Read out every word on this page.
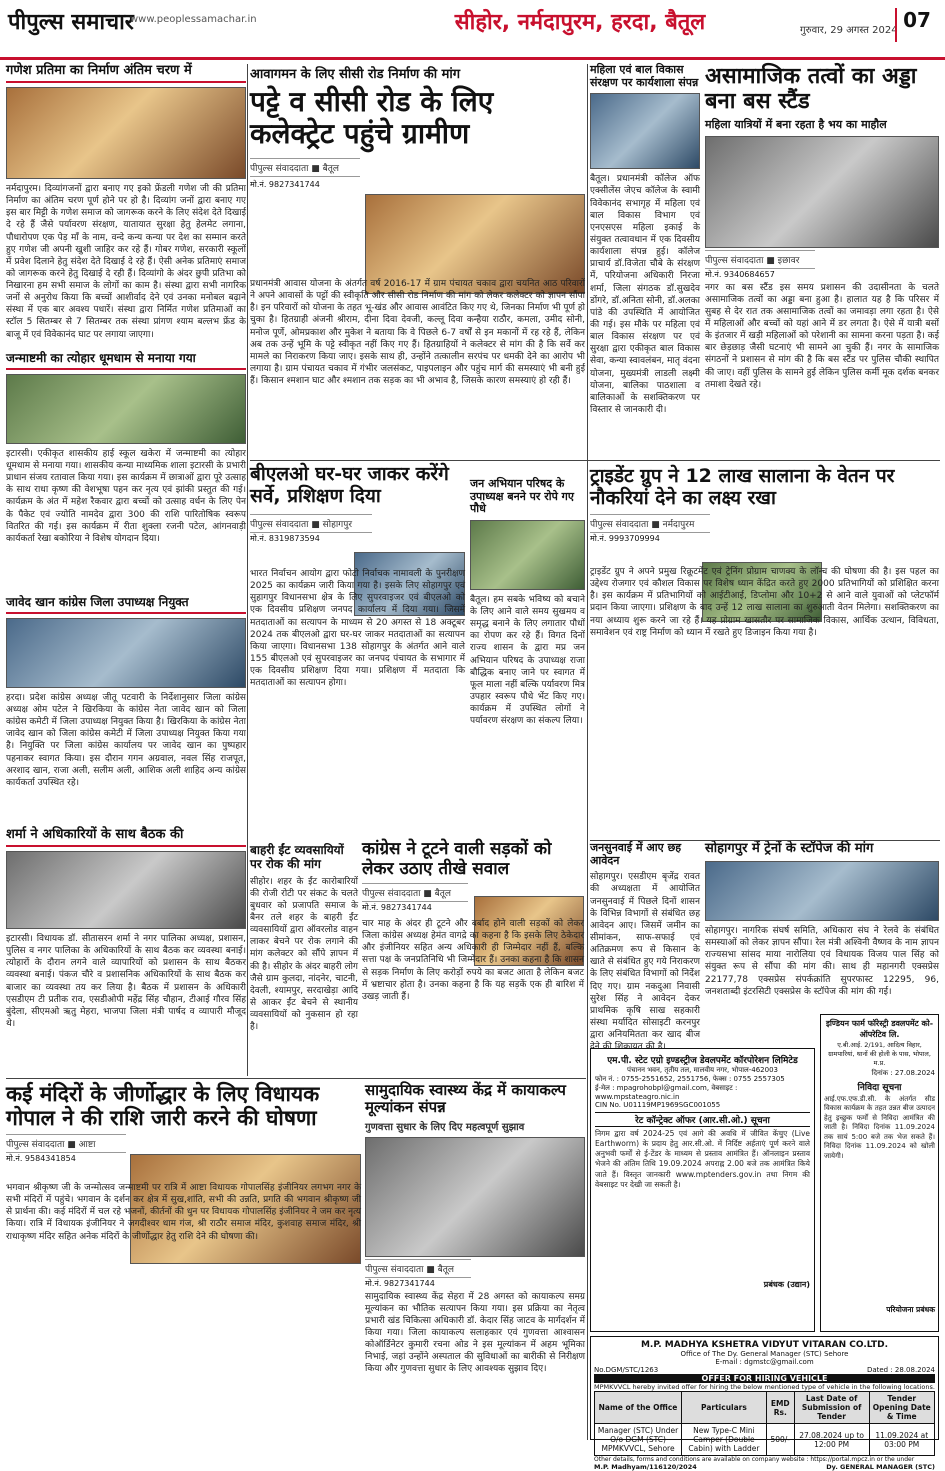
पीपुल्स समाचार
www.peoplessamachar.in	सीहोर, नर्मदापुरम, हरदा, बैतूल	गुरुवार, 29 अगस्त 2024 07
गणेश प्रतिमा का निर्माण अंतिम चरण में
नर्मदापुरम। दिव्यांगजनों द्वारा बनाए गए इको फ्रेंडली गणेश जी की प्रतिमा निर्माण का अंतिम चरण पूर्ण होने पर हो है। दिव्यांग जनों द्वारा बनाए गए इस बार मिट्टी के गणेश समाज को जागरूक करने के लिए संदेश देते दिखाई दे रहे हैं जैसे पर्यावरण संरक्षण, यातायात सुरक्षा हेतु हेलमेट लगाना, पौधारोपण एक पेड़ माँ के नाम, वन्दे कन्य कन्या पर देश का सम्मान करते हुए गणेश जी अपनी खुशी जाहिर कर रहे हैं। गोबर गणेश, सरकारी स्कूलों में प्रवेश दिलाने हेतु संदेश देते दिखाई दे रहे हैं। ऐसी अनेक प्रतिमाएं समाज को जागरूक करने हेतु दिखाई दे रही हैं। दिव्यांगो के अंदर छुपी प्रतिभा को निखारना हम सभी समाज के लोगों का काम है। संस्था द्वारा सभी नागरिक जनों से अनुरोध किया कि बच्चों आशीर्वाद देने एवं उनका मनोबल बढ़ाने संस्था में एक बार अवश्य पधारें। संस्था द्वारा निर्मित गणेश प्रतिमाओं का स्टॉल 5 सितम्बर से 7 सितम्बर तक संस्था प्रांगण श्याम बल्लभ फ्रेंड के बाजू में एवं विवेकानंद घाट पर लगाया जाएगा।
जन्माष्टमी का त्योहार धूमधाम से मनाया गया
इटारसी। एकीकृत शासकीय हाई स्कूल खकेरा में जन्माष्टमी का त्योहार धूमधाम से मनाया गया। शासकीय कन्या माध्यमिक शाला इटारसी के प्रभारी प्राधान संजय रतावाल किया गया। इस कार्यक्रम में छात्राओं द्वारा पूरे उत्साह के साथ राधा कृष्ण की वेशभूषा पहन कर नृत्य एवं झांकी प्रस्तुत की गई। कार्यक्रम के अंत में महेश रैकवार द्वारा बच्चों को उत्साह वर्धन के लिए पेन के पैकेट एवं ज्योति नामदेव द्वारा 300 की राशि पारितोषिक स्वरूप वितरित की गई। इस कार्यक्रम में रीता शुक्ला रजनी पटेल, आंगनवाड़ी कार्यकर्ता रेखा बकोरिया ने विशेष योगदान दिया।
जावेद खान कांग्रेस जिला उपाध्यक्ष नियुक्त
हरदा। प्रदेश कांग्रेस अध्यक्ष जीतू पटवारी के निर्देशानुसार जिला कांग्रेस अध्यक्ष ओम पटेल ने खिरकिया के कांग्रेस नेता जावेद खान को जिला कांग्रेस कमेटी में जिला उपाध्यक्ष नियुक्त किया है। खिरकिया के कांग्रेस नेता जावेद खान को जिला कांग्रेस कमेटी में जिला उपाध्यक्ष नियुक्त किया गया है। नियुक्ति पर जिला कांग्रेस कार्यालय पर जावेद खान का पुष्पहार पहनाकर स्वागत किया। इस दौरान गगन अग्रवाल, नवल सिंह राजपूत, अरशाद खान, राजा अली, सलीम अली, आशिक अली शाहिद अन्य कांग्रेस कार्यकर्ता उपस्थित रहे।
शर्मा ने अधिकारियों के साथ बैठक की
इटारसी। विधायक डॉ. सीतासरन शर्मा ने नगर पालिका अध्यक्ष, प्रशासन, पुलिस व नगर पालिका के अधिकारियों के साथ बैठक कर व्यवस्था बनाई। त्योहारों के दौरान लगने वाले व्यापारियों को प्रशासन के साथ बैठकर व्यवस्था बनाई। पंकज चौरे व प्रशासनिक अधिकारियों के साथ बैठक कर बाजार का व्यवस्था तय कर लिया है। बैठक में प्रशासन के अधिकारी एसडीएम टी प्रतीक राव, एसडीओपी महेंद्र सिंह चौहान, टीआई गौरव सिंह बुंदेला, सीएमओ ऋतु मेहरा, भाजपा जिला मंत्री पार्षद व व्यापारी मौजूद थे।
आवागमन के लिए सीसी रोड निर्माण की मांग
पट्टे व सीसी रोड के लिए कलेक्ट्रेट पहुंचे ग्रामीण
पीपुल्स संवाददाता ■ बैतूल
मो.नं. 9827341744
प्रधानमंत्री आवास योजना के अंतर्गत वर्ष 2016-17 में ग्राम पंचायत चकाव द्वारा चयनित आठ परिवारों ने अपने आवासों के पट्टों की स्वीकृति और सीसी रोड निर्माण की मांग को लेकर कलेक्टर को ज्ञापन सौंपा है। इन परिवारों को योजना के तहत भू-खंड और आवास आवंटित किए गए थे, जिनका निर्माण भी पूर्ण हो चुका है। हितग्राही अंजनी श्रीराम, दीना दिवा देवजी, कल्लू दिवा कन्हैया राठौर, कमला, उमीद सोनी, मनोज पूर्णे, ओमप्रकाश और मुकेश ने बताया कि वे पिछले 6-7 वर्षों से इन मकानों में रह रहे हैं, लेकिन अब तक उन्हें भूमि के पट्टे स्वीकृत नहीं किए गए हैं। हितग्राहियों ने कलेक्टर से मांग की है कि सर्वे कर मामले का निराकरण किया जाए। इसके साथ ही, उन्होंने तत्कालीन सरपंच पर धमकी देने का आरोप भी लगाया है। ग्राम पंचायत चकाव में गंभीर जलसंकट, पाइपलाइन और पहुंच मार्ग की समस्याएं भी बनी हुई हैं। किसान श्मशान घाट और श्मशान तक सड़क का भी अभाव है, जिसके कारण समस्याएं हो रही हैं।
महिला एवं बाल विकास संरक्षण पर कार्यशाला संपन्न
बैतूल। प्रधानमंत्री कॉलेज ऑफ एक्सीलेंस जेएच कॉलेज के स्वामी विवेकानंद सभागृह में महिला एवं बाल विकास विभाग एवं एनएसएस महिला इकाई के संयुक्त तत्वावधान में एक दिवसीय कार्यशाला संपन्न हुई। कॉलेज प्राचार्य डॉ.विजेता चौबे के संरक्षण में, परियोजना अधिकारी निरजा शर्मा, जिला संगठक डॉ.सुखदेव डोंगरे, डॉ.अनिता सोनी, डॉ.अलका पांडे की उपस्थिति में आयोजित की गई। इस मौके पर महिला एवं बाल विकास संरक्षण पर एवं सुरक्षा द्वारा एकीकृत बाल विकास सेवा, कन्या स्वावलंबन, मातृ वंदना योजना, मुख्यमंत्री लाडली लक्ष्मी योजना, बालिका पाठशाला व बालिकाओं के सशक्तिकरण पर विस्तार से जानकारी दी।
असामाजिक तत्वों का अड्डा बना बस स्टैंड
महिला यात्रियों में बना रहता है भय का माहौल
पीपुल्स संवाददाता ■ इछावर
मो.नं. 9340684657
नगर का बस स्टैंड इस समय प्रशासन की उदासीनता के चलते असामाजिक तत्वों का अड्डा बना हुआ है। हालात यह है कि परिसर में सुबह से देर रात तक असामाजिक तत्वों का जमावड़ा लगा रहता है। ऐसे में महिलाओं और बच्चों को यहां आने में डर लगता है। ऐसे में यात्री बसों के इंतजार में खड़ी महिलाओं को परेशानी का सामना करना पड़ता है। कई बार छेड़छाड़ जैसी घटनाएं भी सामने आ चुकी हैं। नगर के सामाजिक संगठनों ने प्रशासन से मांग की है कि बस स्टैंड पर पुलिस चौकी स्थापित की जाए। वहीं पुलिस के सामने हुई लेकिन पुलिस कर्मी मूक दर्शक बनकर तमाशा देखते रहे।
बीएलओ घर-घर जाकर करेंगे सर्वे, प्रशिक्षण दिया
पीपुल्स संवाददाता ■ सोहागपुर
मो.नं. 8319873594
भारत निर्वाचन आयोग द्वारा फोटो निर्वाचक नामावली के पुनरीक्षण 2025 का कार्यक्रम जारी किया गया है। इसके लिए सोहागपुर एवं सुहागपुर विधानसभा क्षेत्र के लिए सुपरवाइजर एवं बीएलओ को एक दिवसीय प्रशिक्षण जनपद कार्यालय में दिया गया। जिसमें मतदाताओं का सत्यापन के माध्यम से 20 अगस्त से 18 अक्टूबर 2024 तक बीएलओ द्वारा घर-घर जाकर मतदाताओं का सत्यापन किया जाएगा। विधानसभा 138 सोहागपुर के अंतर्गत आने वाले 155 बीएलओ एवं सुपरवाइजर का जनपद पंचायत के सभागार में एक दिवसीय प्रशिक्षण दिया गया। प्रशिक्षण में मतदाता कि मतदाताओं का सत्यापन होगा।
जन अभियान परिषद के उपाध्यक्ष बनने पर रोपे गए पौधे
बैतूल। हम सबके भविष्य को बचाने के लिए आने वाले समय सुखमय व समृद्ध बनाने के लिए लगातार पौधों का रोपण कर रहे हैं। विगत दिनों राज्य शासन के द्वारा मप्र जन अभियान परिषद के उपाध्यक्ष राजा बौद्धिक बनाए जाने पर स्वागत में फूल माला नहीं बल्कि पर्यावरण मित्र उपहार स्वरूप पौधे भेंट किए गए। कार्यक्रम में उपस्थित लोगों ने पर्यावरण संरक्षण का संकल्प लिया।
ट्राइडेंट ग्रुप ने 12 लाख सालाना के वेतन पर नौकरियां देने का लक्ष्य रखा
पीपुल्स संवाददाता ■ नर्मदापुरम
मो.नं. 9993709994
ट्राइडेंट ग्रुप ने अपने प्रमुख रिक्रूटमेंट एवं ट्रेनिंग प्रोग्राम चाणक्य के लॉन्च की घोषणा की है। इस पहल का उद्देश्य रोजगार एवं कौशल विकास पर विशेष ध्यान केंद्रित करते हुए 2000 प्रतिभागियों को प्रशिक्षित करना है। इस कार्यक्रम में प्रतिभागियों को आईटीआई, डिप्लोमा और 10+2 से आने वाले युवाओं को प्लेटफॉर्म प्रदान किया जाएगा। प्रशिक्षण के बाद उन्हें 12 लाख सालाना का शुरुआती वेतन मिलेगा। सशक्तिकरण का नया अध्याय शुरू करने जा रहे हैं। यह प्रोग्राम खासतौर पर सामाजिक विकास, आर्थिक उत्थान, विविधता, समावेशन एवं राष्ट्र निर्माण को ध्यान में रखते हुए डिजाइन किया गया है।
बाहरी ईंट व्यवसायियों पर रोक की मांग
सीहोर। शहर के ईंट कारोबारियों की रोजी रोटी पर संकट के चलते बुधवार को प्रजापति समाज के बैनर तले शहर के बाहरी ईंट व्यवसायियों द्वारा ऑवरलोड वाहन लाकर बेचने पर रोक लगाने की मांग कलेक्टर को सौंपे ज्ञापन में की है। सीहोर के अंदर बाहरी लोग जैसे ग्राम कुलदा, नांदनेर, चाटनी, देवली, श्यामपुर, सरदाखेड़ा आदि से आकर ईंट बेचने से स्थानीय व्यवसायियों को नुकसान हो रहा है।
कांग्रेस ने टूटने वाली सड़कों को लेकर उठाए तीखे सवाल
पीपुल्स संवाददाता ■ बैतूल
मो.नं. 9827341744
चार माह के अंदर ही टूटने और बर्बाद होने वाली सड़कों को लेकर जिला कांग्रेस अध्यक्ष हेमंत वागद्रे का कहना है कि इसके लिए ठेकेदार और इंजीनियर सहित अन्य अधिकारी ही जिम्मेदार नहीं हैं, बल्कि सत्ता पक्ष के जनप्रतिनिधि भी जिम्मेदार हैं। उनका कहना है कि शासन से सड़क निर्माण के लिए करोड़ों रुपये का बजट आता है लेकिन बजट में भ्रष्टाचार होता है। उनका कहना है कि यह सड़कें एक ही बारिश में उखड़ जाती हैं।
जनसुनवाई में आए छह आवेदन
सोहागपुर। एसडीएम बृजेंद्र रावत की अध्यक्षता में आयोजित जनसुनवाई में पिछले दिनों शासन के विभिन्न विभागों से संबंधित छह आवेदन आए। जिसमें जमीन का सीमांकन, साफ-सफाई एवं अतिक्रमण रूप से किसान के खाते से संबंधित हुए गये निराकरण के लिए संबंधित विभागों को निर्देश दिए गए। ग्राम नकदुआ निवासी सुरेश सिंह ने आवेदन देकर प्राथमिक कृषि साख सहकारी संस्था मर्यादित सोसाइटी करनपुर द्वारा अनियमितता कर खाद बीज
सोहागपुर में ट्रेनों के स्टॉपेज की मांग
सोहागपुर। नागरिक संघर्ष समिति, अधिकारा संघ ने रेलवे के संबंधित समस्याओं को लेकर ज्ञापन सौंपा। रेल मंत्री अश्विनी वैष्णव के नाम ज्ञापन राज्यसभा सांसद माया नारोलिया एवं विधायक विजय पाल सिंह को संयुक्त रूप से सौंपा की मांग की। साथ ही महानगरी एक्सप्रेस 22177,78 एक्सप्रेस संपर्कक्रांति सुपरफास्ट 12295, 96, जनशताब्दी इंटरसिटी एक्सप्रेस के स्टॉपेज की मांग की गई।
कई मंदिरों के जीर्णोद्धार के लिए विधायक गोपाल ने की राशि जारी करने की घोषणा
पीपुल्स संवाददाता ■ आष्टा
मो.नं. 9584341854
भगवान श्रीकृष्ण जी के जन्मोत्सव जन्माष्टमी पर रात्रि में आष्टा विधायक गोपालसिंह इंजीनियर लगभग नगर के सभी मंदिरों में पहुंचे। भगवान के दर्शन कर क्षेत्र में सुख,शांति, सभी की उन्नति, प्रगति की भगवान श्रीकृष्ण जी से प्रार्थना की। कई मंदिरों में चल रहे भजनों, कीर्तनों की धुन पर विधायक गोपालसिंह इंजीनियर ने जम कर नृत्य किया। रात्रि में विधायक इंजीनियर ने जगदीश्वर धाम गंज, श्री राठौर समाज मंदिर, कुशवाह समाज मंदिर, श्री राधाकृष्ण मंदिर सहित अनेक मंदिरों के जीर्णोद्धार हेतु राशि देने की घोषणा की।
सामुदायिक स्वास्थ्य केंद्र में कायाकल्प मूल्यांकन संपन्न
गुणवत्ता सुधार के लिए दिए महत्वपूर्ण सुझाव
पीपुल्स संवाददाता ■ बैतूल
मो.नं. 9827341744
सामुदायिक स्वास्थ्य केंद्र सेहरा में 28 अगस्त को कायाकल्प समग्र मूल्यांकन का भौतिक सत्यापन किया गया। इस प्रक्रिया का नेतृत्व प्रभारी खंड चिकित्सा अधिकारी डॉ. केदार सिंह जाटव के मार्गदर्शन में किया गया। जिला कायाकल्प सलाहकार एवं गुणवत्ता आश्वासन कोऑर्डिनेटर कुमारी रचना ओड ने इस मूल्यांकन में अहम भूमिका निभाई, जहां उन्होंने अस्पताल की सुविधाओं का बारीकी से निरीक्षण किया और गुणवत्ता सुधार के लिए आवश्यक सुझाव दिए।
एम.पी. स्टेट एग्रो इण्डस्ट्रीज डेवलपमेंट कॉरपोरेशन लिमिटेड
पंचानन भवन, तृतीय तल, मालवीय नगर, भोपाल-462003
फोन नं. : 0755-2551652, 2551756, फेक्स : 0755 2557305
ई-मेल : mpagrohobpl@gmail.com, वेबसाइट : www.mpstateagro.nic.in
CIN No. U01119MP1969SGC001055
रेट कॉन्ट्रेक्ट ऑफर (आर.सी.ओ.) सूचना
निगम द्वारा वर्ष 2024-25 एवं आगे की अवधि में जीवित केंचुए (Live Earthworm) के प्रदाय हेतु आर.सी.ओ. में निर्दिष्ट अर्हताएं पूर्ण करने वाले अनुभवी फर्मों से ई-टेंडर के माध्यम से प्रस्ताव आमंत्रित हैं। ऑनलाइन प्रस्ताव भेजने की अंतिम तिथि 19.09.2024 अपराह्न 2.00 बजे तक आमंत्रित किये जाते हैं। विस्तृत जानकारी www.mptenders.gov.in तथा निगम की वेबसाइट पर देखी जा सकती है।
प्रबंधक (उद्यान)
इण्डियन फार्म फॉरेस्ट्री डवलपमेंट को-ऑपरेटिव लि.
ए.बी.आई. 2/191, आदित्य विहार, ग्रामपारियां, थानों की होली के पास, भोपाल, म.प्र.
दिनांक : 27.08.2024
निविदा सूचना
आई.एफ.एफ.डी.सी. के अंतर्गत सीड विकास कार्यक्रम के तहत उन्नत बीज उत्पादन हेतु इच्छुक फर्मों से निविदा आमंत्रित की जाती है। निविदा दिनांक 11.09.2024 तक सायं 5:00 बजे तक भेज सकते हैं। निविदा दिनांक 11.09.2024 को खोली जायेगी।
परियोजना प्रबंधक
M.P. MADHYA KSHETRA VIDYUT VITARAN CO.LTD.
Office of The Dy. General Manager (STC) Sehore
E-mail : dgmstc@gmail.com
No.DGM/STC/1263	Dated : 28.08.2024
OFFER FOR HIRING VEHICLE
MPMKVVCL hereby invited offer for hiring the below mentioned type of vehicle in the following locations.
Name of the Office	Particulars	EMD Rs.	Last Date of Submission of Tender	Tender Opening Date & Time
Manager (STC) Under O/o DGM (STC) MPMKVVCL, Sehore	New Type-C Mini Camper (Double Cabin) with Ladder	500/-	27.08.2024 up to 12:00 PM	11.09.2024 at 03:00 PM
Other details, forms and conditions are available on company website : https://portal.mpcz.in or the under
M.P. Madhyam/116120/2024	Dy. GENERAL MANAGER (STC)
